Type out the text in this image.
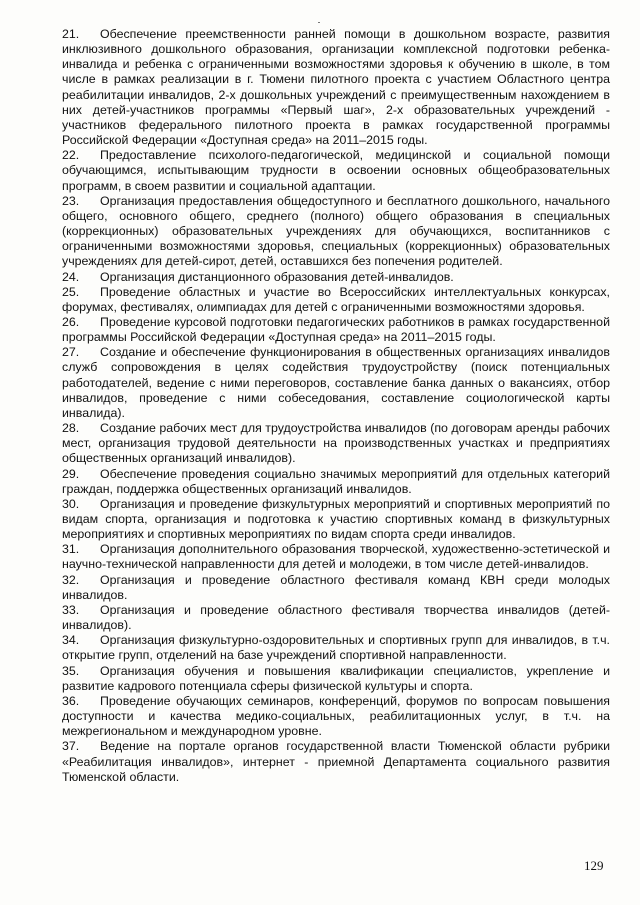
21. Обеспечение преемственности ранней помощи в дошкольном возрасте, развития инклюзивного дошкольного образования, организации комплексной подготовки ребенка-инвалида и ребенка с ограниченными возможностями здоровья к обучению в школе, в том числе в рамках реализации в г. Тюмени пилотного проекта с участием Областного центра реабилитации инвалидов, 2-х дошкольных учреждений с преимущественным нахождением в них детей-участников программы «Первый шаг», 2-х образовательных учреждений - участников федерального пилотного проекта в рамках государственной программы Российской Федерации «Доступная среда» на 2011–2015 годы.

22. Предоставление психолого-педагогической, медицинской и социальной помощи обучающимся, испытывающим трудности в освоении основных общеобразовательных программ, в своем развитии и социальной адаптации.

23. Организация предоставления общедоступного и бесплатного дошкольного, начального общего, основного общего, среднего (полного) общего образования в специальных (коррекционных) образовательных учреждениях для обучающихся, воспитанников с ограниченными возможностями здоровья, специальных (коррекционных) образовательных учреждениях для детей-сирот, детей, оставшихся без попечения родителей.

24. Организация дистанционного образования детей-инвалидов.

25. Проведение областных и участие во Всероссийских интеллектуальных конкурсах, форумах, фестивалях, олимпиадах для детей с ограниченными возможностями здоровья.

26. Проведение курсовой подготовки педагогических работников в рамках государственной программы Российской Федерации «Доступная среда» на 2011–2015 годы.

27. Создание и обеспечение функционирования в общественных организациях инвалидов служб сопровождения в целях содействия трудоустройству (поиск потенциальных работодателей, ведение с ними переговоров, составление банка данных о вакансиях, отбор инвалидов, проведение с ними собеседования, составление социологической карты инвалида).

28. Создание рабочих мест для трудоустройства инвалидов (по договорам аренды рабочих мест, организация трудовой деятельности на производственных участках и предприятиях общественных организаций инвалидов).

29. Обеспечение проведения социально значимых мероприятий для отдельных категорий граждан, поддержка общественных организаций инвалидов.

30. Организация и проведение физкультурных мероприятий и спортивных мероприятий по видам спорта, организация и подготовка к участию спортивных команд в физкультурных мероприятиях и спортивных мероприятиях по видам спорта среди инвалидов.

31. Организация дополнительного образования творческой, художественно-эстетической и научно-технической направленности для детей и молодежи, в том числе детей-инвалидов.

32. Организация и проведение областного фестиваля команд КВН среди молодых инвалидов.

33. Организация и проведение областного фестиваля творчества инвалидов (детей-инвалидов).

34. Организация физкультурно-оздоровительных и спортивных групп для инвалидов, в т.ч. открытие групп, отделений на базе учреждений спортивной направленности.

35. Организация обучения и повышения квалификации специалистов, укрепление и развитие кадрового потенциала сферы физической культуры и спорта.

36. Проведение обучающих семинаров, конференций, форумов по вопросам повышения доступности и качества медико-социальных, реабилитационных услуг, в т.ч. на межрегиональном и международном уровне.

37. Ведение на портале органов государственной власти Тюменской области рубрики «Реабилитация инвалидов», интернет - приемной Департамента социального развития Тюменской области.

129
